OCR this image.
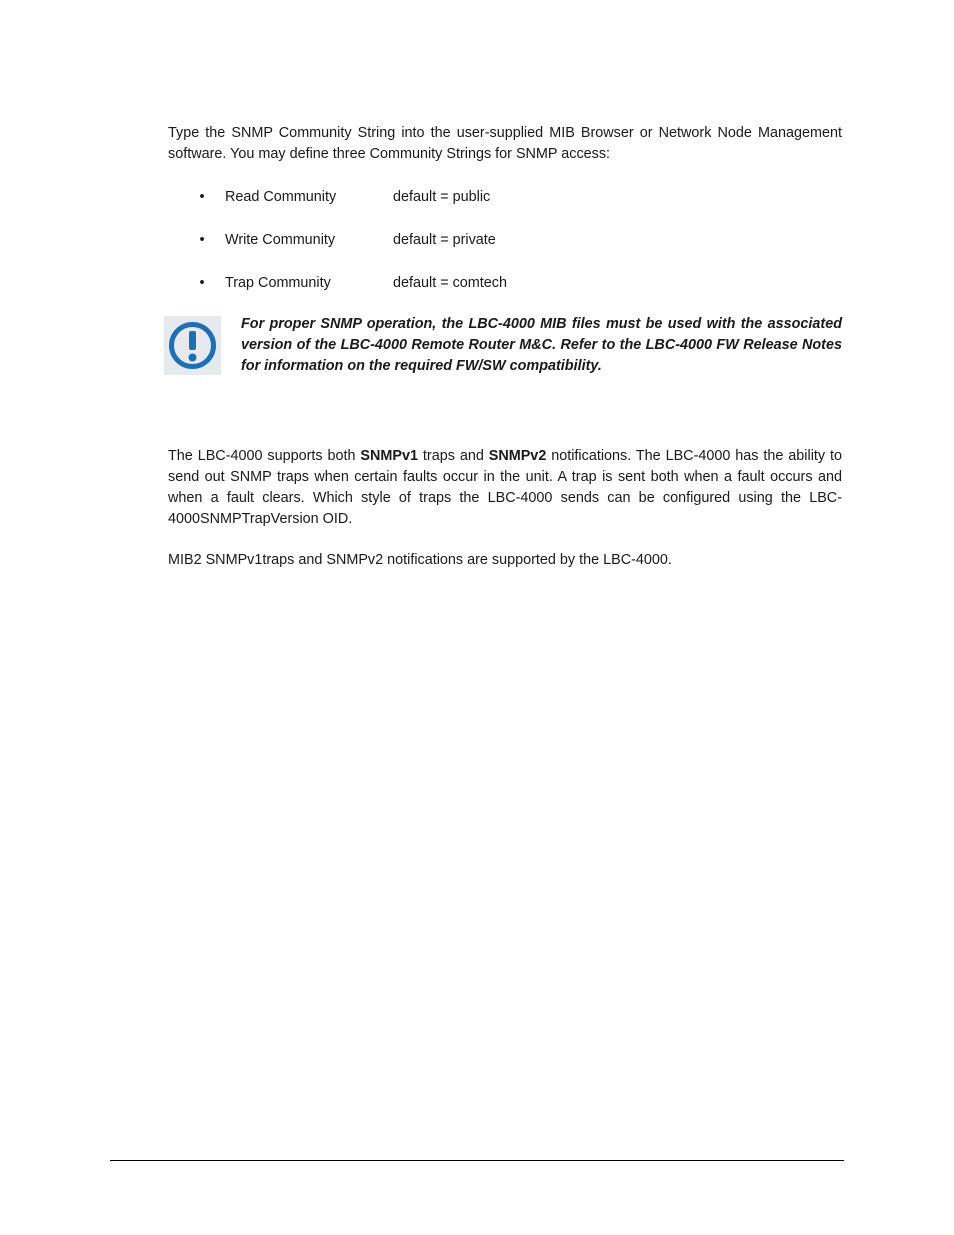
Type the SNMP Community String into the user-supplied MIB Browser or Network Node Management software. You may define three Community Strings for SNMP access:

• Read Community	default = public
• Write Community	default = private
• Trap Community	default = comtech

For proper SNMP operation, the LBC-4000 MIB files must be used with the associated version of the LBC-4000 Remote Router M&C. Refer to the LBC-4000 FW Release Notes for information on the required FW/SW compatibility.

The LBC-4000 supports both SNMPv1 traps and SNMPv2 notifications. The LBC-4000 has the ability to send out SNMP traps when certain faults occur in the unit. A trap is sent both when a fault occurs and when a fault clears. Which style of traps the LBC-4000 sends can be configured using the LBC-4000SNMPTrapVersion OID.

MIB2 SNMPv1traps and SNMPv2 notifications are supported by the LBC-4000.
